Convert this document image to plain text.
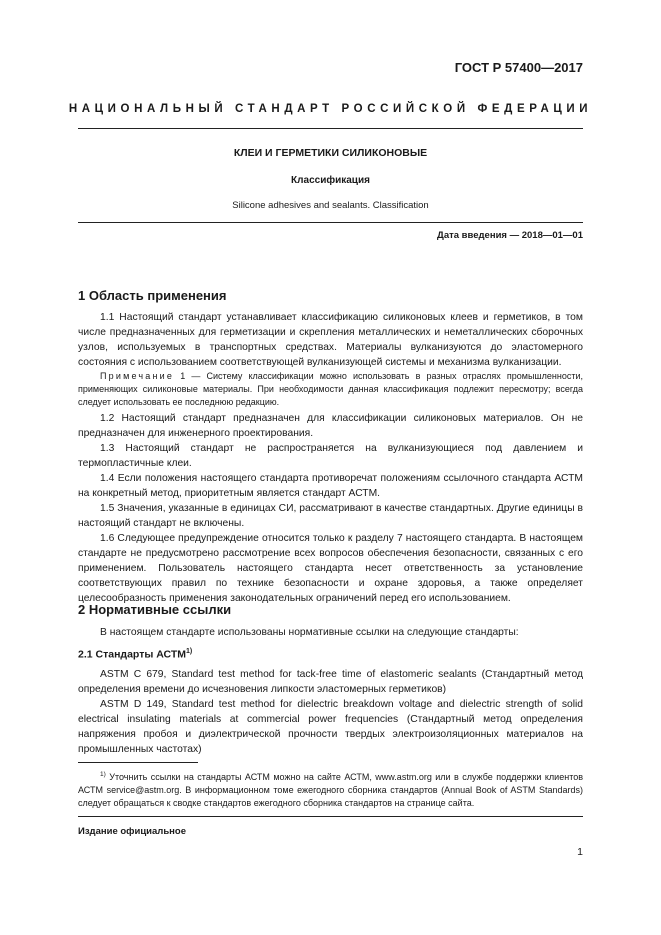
ГОСТ Р 57400—2017
НАЦИОНАЛЬНЫЙ СТАНДАРТ РОССИЙСКОЙ ФЕДЕРАЦИИ
КЛЕИ И ГЕРМЕТИКИ СИЛИКОНОВЫЕ
Классификация
Silicone adhesives and sealants. Classification
Дата введения — 2018—01—01
1 Область применения

1.1 Настоящий стандарт устанавливает классификацию силиконовых клеев и герметиков, в том числе предназначенных для герметизации и скрепления металлических и неметаллических сборочных узлов, используемых в транспортных средствах. Материалы вулканизуются до эластомерного состояния с использованием соответствующей вулканизующей системы и механизма вулканизации.

Примечание 1 — Систему классификации можно использовать в разных отраслях промышленности, применяющих силиконовые материалы. При необходимости данная классификация подлежит пересмотру; всегда следует использовать ее последнюю редакцию.

1.2 Настоящий стандарт предназначен для классификации силиконовых материалов. Он не предназначен для инженерного проектирования.

1.3 Настоящий стандарт не распространяется на вулканизующиеся под давлением и термопластичные клеи.

1.4 Если положения настоящего стандарта противоречат положениям ссылочного стандарта АСТМ на конкретный метод, приоритетным является стандарт АСТМ.

1.5 Значения, указанные в единицах СИ, рассматривают в качестве стандартных. Другие единицы в настоящий стандарт не включены.

1.6 Следующее предупреждение относится только к разделу 7 настоящего стандарта. В настоящем стандарте не предусмотрено рассмотрение всех вопросов обеспечения безопасности, связанных с его применением. Пользователь настоящего стандарта несет ответственность за установление соответствующих правил по технике безопасности и охране здоровья, а также определяет целесообразность применения законодательных ограничений перед его использованием.

2 Нормативные ссылки

В настоящем стандарте использованы нормативные ссылки на следующие стандарты:

2.1 Стандарты АСТМ$^{1)}$

ASTM C 679, Standard test method for tack-free time of elastomeric sealants (Стандартный метод определения времени до исчезновения липкости эластомерных герметиков)

ASTM D 149, Standard test method for dielectric breakdown voltage and dielectric strength of solid electrical insulating materials at commercial power frequencies (Стандартный метод определения напряжения пробоя и диэлектрической прочности твердых электроизоляционных материалов на промышленных частотах)

$^{1)}$ Уточнить ссылки на стандарты АСТМ можно на сайте АСТМ, www.astm.org или в службе поддержки клиентов АСТМ service@astm.org. В информационном томе ежегодного сборника стандартов (Annual Book of ASTM Standards) следует обращаться к сводке стандартов ежегодного сборника стандартов на странице сайта.

Издание официальное
1
